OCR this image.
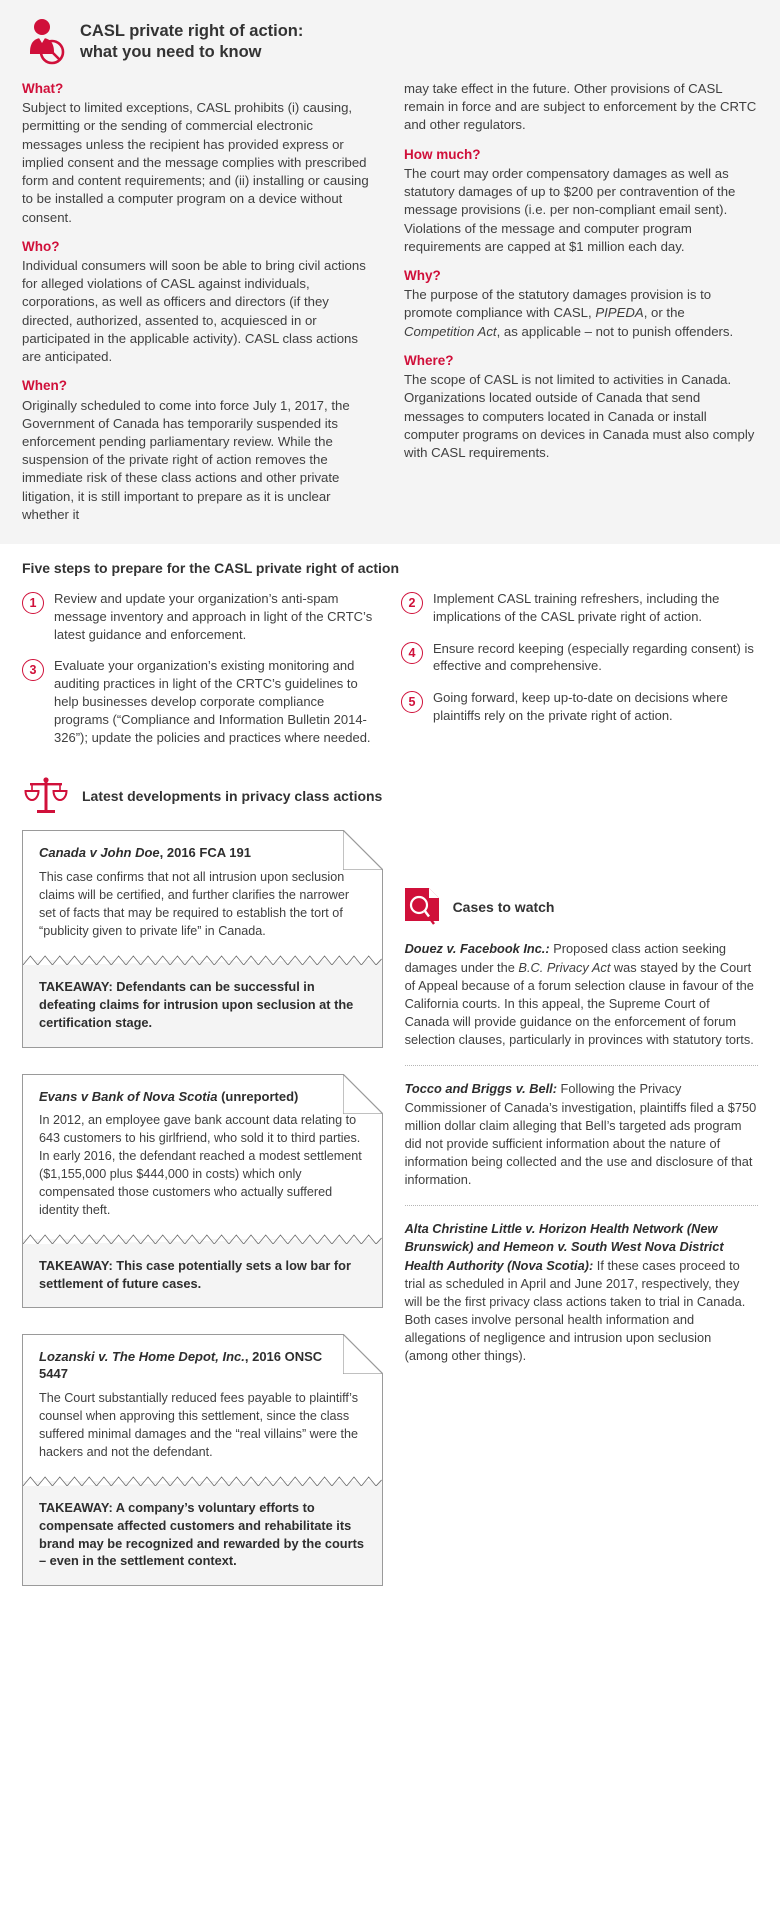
CASL private right of action:
what you need to know
What?

Subject to limited exceptions, CASL prohibits (i) causing, permitting or the sending of commercial electronic messages unless the recipient has provided express or implied consent and the message complies with prescribed form and content requirements; and (ii) installing or causing to be installed a computer program on a device without consent.

Who?

Individual consumers will soon be able to bring civil actions for alleged violations of CASL against individuals, corporations, as well as officers and directors (if they directed, authorized, assented to, acquiesced in or participated in the applicable activity). CASL class actions are anticipated.

When?

Originally scheduled to come into force July 1, 2017, the Government of Canada has temporarily suspended its enforcement pending parliamentary review. While the suspension of the private right of action removes the immediate risk of these class actions and other private litigation, it is still important to prepare as it is unclear whether it

may take effect in the future. Other provisions of CASL remain in force and are subject to enforcement by the CRTC and other regulators.

How much?

The court may order compensatory damages as well as statutory damages of up to $200 per contravention of the message provisions (i.e. per non-compliant email sent). Violations of the message and computer program requirements are capped at $1 million each day.

Why?

The purpose of the statutory damages provision is to promote compliance with CASL, PIPEDA, or the Competition Act, as applicable – not to punish offenders.

Where?

The scope of CASL is not limited to activities in Canada. Organizations located outside of Canada that send messages to computers located in Canada or install computer programs on devices in Canada must also comply with CASL requirements.

Five steps to prepare for the CASL private right of action
1	Review and update your organization’s anti-spam message inventory and approach in light of the CRTC’s latest guidance and enforcement.
3	Evaluate your organization’s existing monitoring and auditing practices in light of the CRTC’s guidelines to help businesses develop corporate compliance programs (“Compliance and Information Bulletin 2014-326”); update the policies and practices where needed.
2	Implement CASL training refreshers, including the implications of the CASL private right of action.
4	Ensure record keeping (especially regarding consent) is effective and comprehensive.
5	Going forward, keep up-to-date on decisions where plaintiffs rely on the private right of action.
Latest developments in privacy class actions
Canada v John Doe, 2016 FCA 191
This case confirms that not all intrusion upon seclusion claims will be certified, and further clarifies the narrower set of facts that may be required to establish the tort of “publicity given to private life” in Canada.
TAKEAWAY: Defendants can be successful in defeating claims for intrusion upon seclusion at the certification stage.
Evans v Bank of Nova Scotia (unreported)
In 2012, an employee gave bank account data relating to 643 customers to his girlfriend, who sold it to third parties. In early 2016, the defendant reached a modest settlement ($1,155,000 plus $444,000 in costs) which only compensated those customers who actually suffered identity theft.
TAKEAWAY: This case potentially sets a low bar for settlement of future cases.
Lozanski v. The Home Depot, Inc., 2016 ONSC 5447
The Court substantially reduced fees payable to plaintiff’s counsel when approving this settlement, since the class suffered minimal damages and the “real villains” were the hackers and not the defendant.
TAKEAWAY: A company’s voluntary efforts to compensate affected customers and rehabilitate its brand may be recognized and rewarded by the courts – even in the settlement context.
Cases to watch
Douez v. Facebook Inc.: Proposed class action seeking damages under the B.C. Privacy Act was stayed by the Court of Appeal because of a forum selection clause in favour of the California courts. In this appeal, the Supreme Court of Canada will provide guidance on the enforcement of forum selection clauses, particularly in provinces with statutory torts.
Tocco and Briggs v. Bell: Following the Privacy Commissioner of Canada’s investigation, plaintiffs filed a $750 million dollar claim alleging that Bell’s targeted ads program did not provide sufficient information about the nature of information being collected and the use and disclosure of that information.
Alta Christine Little v. Horizon Health Network (New Brunswick) and Hemeon v. South West Nova District Health Authority (Nova Scotia): If these cases proceed to trial as scheduled in April and June 2017, respectively, they will be the first privacy class actions taken to trial in Canada. Both cases involve personal health information and allegations of negligence and intrusion upon seclusion (among other things).
